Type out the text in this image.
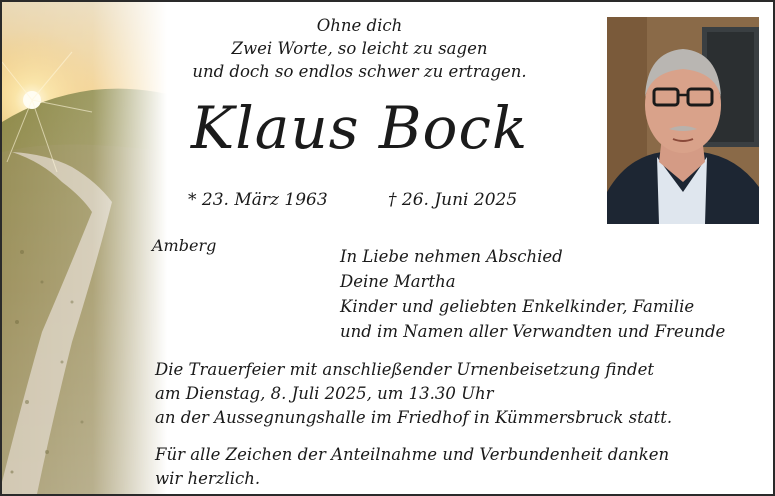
Ohne dich
Zwei Worte, so leicht zu sagen
und doch so endlos schwer zu ertragen.
Klaus Bock
* 23. März 1963	† 26. Juni 2025
Amberg
In Liebe nehmen Abschied
Deine Martha
Kinder und geliebten Enkelkinder, Familie
und im Namen aller Verwandten und Freunde
Die Trauerfeier mit anschließender Urnenbeisetzung findet
am Dienstag, 8. Juli 2025, um 13.30 Uhr
an der Aussegnungshalle im Friedhof in Kümmersbruck statt.
Für alle Zeichen der Anteilnahme und Verbundenheit danken
wir herzlich.
